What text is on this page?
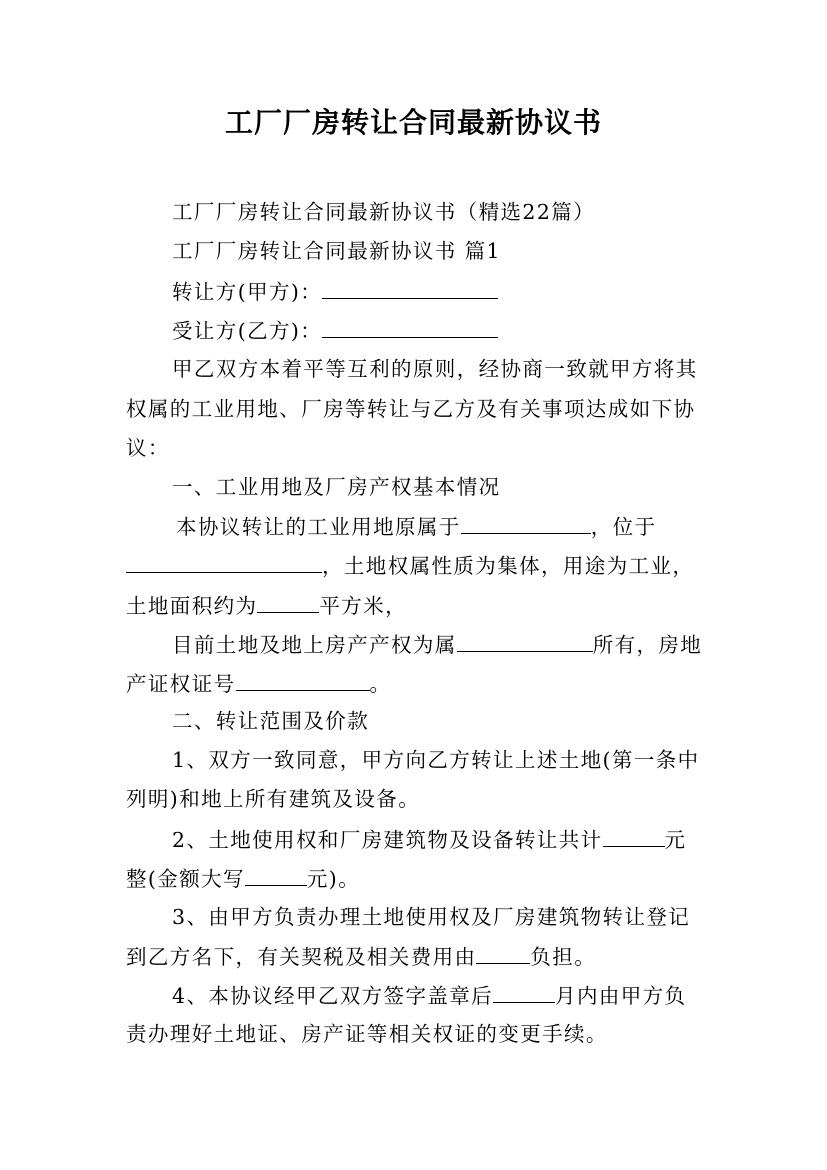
工厂厂房转让合同最新协议书
工厂厂房转让合同最新协议书（精选22篇）
工厂厂房转让合同最新协议书 篇1
转让方(甲方)：
受让方(乙方)：
甲乙双方本着平等互利的原则，经协商一致就甲方将其
权属的工业用地、厂房等转让与乙方及有关事项达成如下协
议：
一、工业用地及厂房产权基本情况
本协议转让的工业用地原属于	，位于
，土地权属性质为集体，用途为工业，
土地面积约为	平方米，
目前土地及地上房产产权为属	所有，房地
产证权证号	。
二、转让范围及价款
1、双方一致同意，甲方向乙方转让上述土地(第一条中
列明)和地上所有建筑及设备。
2、土地使用权和厂房建筑物及设备转让共计	元
整(金额大写	元)。
3、由甲方负责办理土地使用权及厂房建筑物转让登记
到乙方名下，有关契税及相关费用由	负担。
4、本协议经甲乙双方签字盖章后	月内由甲方负
责办理好土地证、房产证等相关权证的变更手续。
